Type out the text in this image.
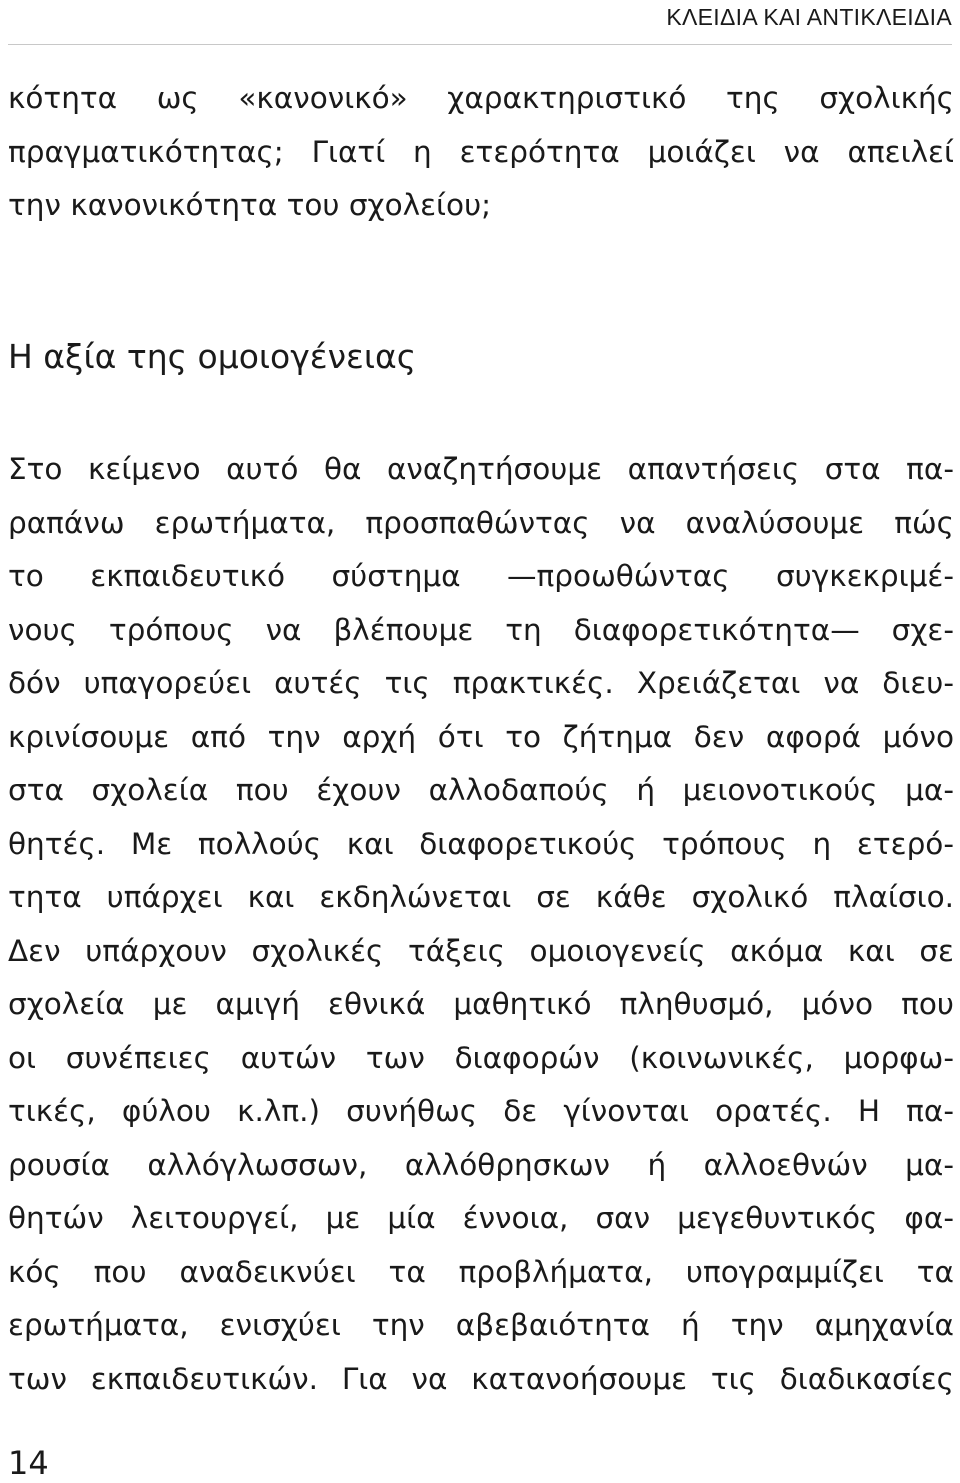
ΚΛΕΙΔΙΑ ΚΑΙ ΑΝΤΙΚΛΕΙΔΙΑ
κότητα ως «κανονικό» χαρακτηριστικό της σχολικής
πραγματικότητας; Γιατί η ετερότητα μοιάζει να απειλεί
την κανονικότητα του σχολείου;
Η αξία της ομοιογένειας
Στο κείμενο αυτό θα αναζητήσουμε απαντήσεις στα πα-
ραπάνω ερωτήματα, προσπαθώντας να αναλύσουμε πώς
το εκπαιδευτικό σύστημα —προωθώντας συγκεκριμέ-
νους τρόπους να βλέπουμε τη διαφορετικότητα— σχε-
δόν υπαγορεύει αυτές τις πρακτικές. Χρειάζεται να διευ-
κρινίσουμε από την αρχή ότι το ζήτημα δεν αφορά μόνο
στα σχολεία που έχουν αλλοδαπούς ή μειονοτικούς μα-
θητές. Με πολλούς και διαφορετικούς τρόπους η ετερό-
τητα υπάρχει και εκδηλώνεται σε κάθε σχολικό πλαίσιο.
Δεν υπάρχουν σχολικές τάξεις ομοιογενείς ακόμα και σε
σχολεία με αμιγή εθνικά μαθητικό πληθυσμό, μόνο που
οι συνέπειες αυτών των διαφορών (κοινωνικές, μορφω-
τικές, φύλου κ.λπ.) συνήθως δε γίνονται ορατές. Η πα-
ρουσία αλλόγλωσσων, αλλόθρησκων ή αλλοεθνών μα-
θητών λειτουργεί, με μία έννοια, σαν μεγεθυντικός φα-
κός που αναδεικνύει τα προβλήματα, υπογραμμίζει τα
ερωτήματα, ενισχύει την αβεβαιότητα ή την αμηχανία
των εκπαιδευτικών. Για να κατανοήσουμε τις διαδικασίες
14
